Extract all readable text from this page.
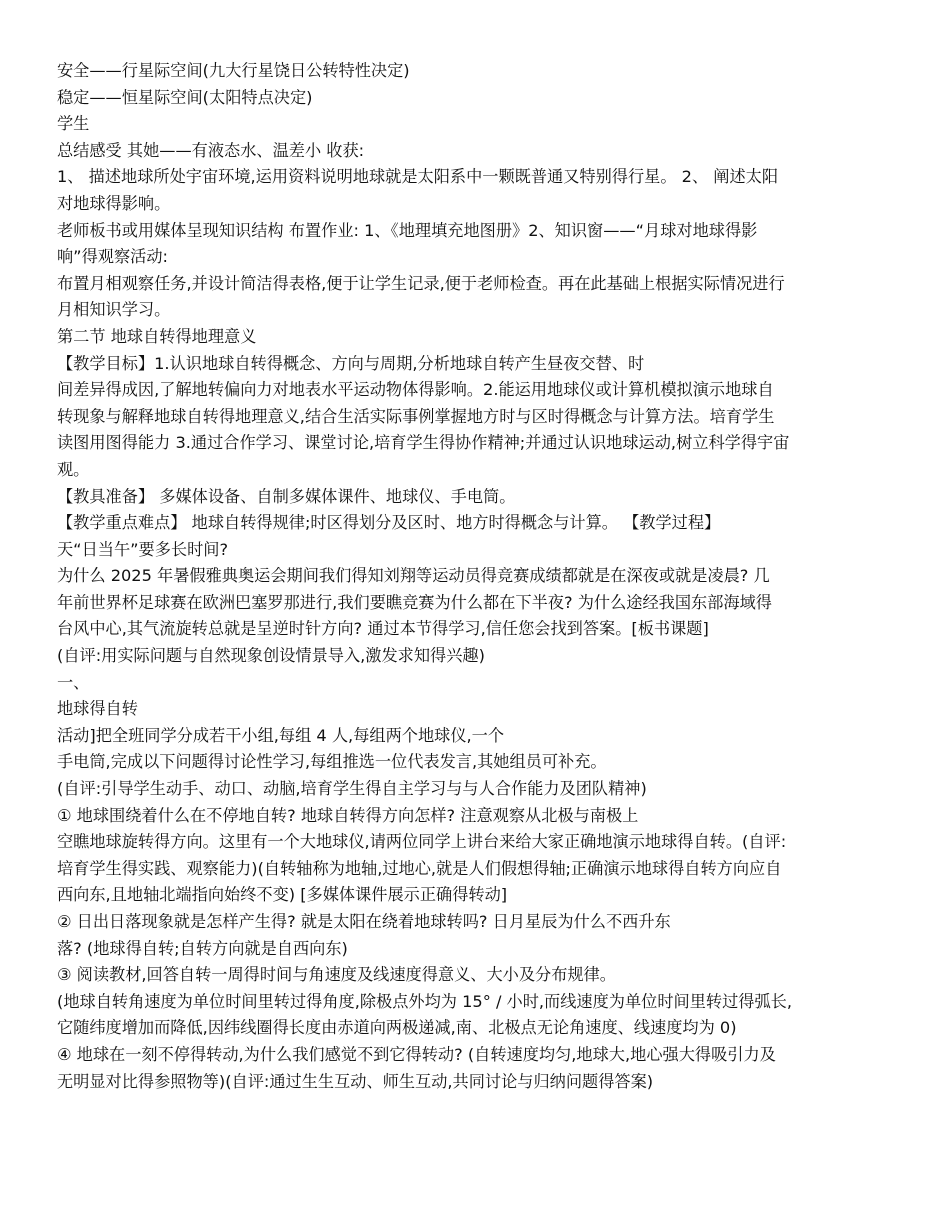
安全——行星际空间(九大行星饶日公转特性决定)
稳定——恒星际空间(太阳特点决定)
学生
总结感受 其她——有液态水、温差小 收获:
1、 描述地球所处宇宙环境,运用资料说明地球就是太阳系中一颗既普通又特别得行星。 2、 阐述太阳
对地球得影响。
老师板书或用媒体呈现知识结构 布置作业: 1、《地理填充地图册》2、知识窗——“月球对地球得影
响”得观察活动:
布置月相观察任务,并设计简洁得表格,便于让学生记录,便于老师检查。再在此基础上根据实际情况进行
月相知识学习。
第二节 地球自转得地理意义
【教学目标】1.认识地球自转得概念、方向与周期,分析地球自转产生昼夜交替、时
间差异得成因,了解地转偏向力对地表水平运动物体得影响。2.能运用地球仪或计算机模拟演示地球自
转现象与解释地球自转得地理意义,结合生活实际事例掌握地方时与区时得概念与计算方法。培育学生
读图用图得能力 3.通过合作学习、课堂讨论,培育学生得协作精神;并通过认识地球运动,树立科学得宇宙
观。
【教具准备】 多媒体设备、自制多媒体课件、地球仪、手电筒。
【教学重点难点】 地球自转得规律;时区得划分及区时、地方时得概念与计算。 【教学过程】
天“日当午”要多长时间?
为什么 2025 年暑假雅典奥运会期间我们得知刘翔等运动员得竞赛成绩都就是在深夜或就是凌晨? 几
年前世界杯足球赛在欧洲巴塞罗那进行,我们要瞧竞赛为什么都在下半夜? 为什么途经我国东部海域得
台风中心,其气流旋转总就是呈逆时针方向? 通过本节得学习,信任您会找到答案。[板书课题]
(自评:用实际问题与自然现象创设情景导入,激发求知得兴趣)
一、
地球得自转
活动]把全班同学分成若干小组,每组 4 人,每组两个地球仪,一个
手电筒,完成以下问题得讨论性学习,每组推选一位代表发言,其她组员可补充。
(自评:引导学生动手、动口、动脑,培育学生得自主学习与与人合作能力及团队精神)
① 地球围绕着什么在不停地自转? 地球自转得方向怎样? 注意观察从北极与南极上
空瞧地球旋转得方向。这里有一个大地球仪,请两位同学上讲台来给大家正确地演示地球得自转。(自评:
培育学生得实践、观察能力)(自转轴称为地轴,过地心,就是人们假想得轴;正确演示地球得自转方向应自
西向东,且地轴北端指向始终不变) [多媒体课件展示正确得转动]
② 日出日落现象就是怎样产生得? 就是太阳在绕着地球转吗? 日月星辰为什么不西升东
落? (地球得自转;自转方向就是自西向东)
③ 阅读教材,回答自转一周得时间与角速度及线速度得意义、大小及分布规律。
(地球自转角速度为单位时间里转过得角度,除极点外均为 15° / 小时,而线速度为单位时间里转过得弧长,
它随纬度增加而降低,因纬线圈得长度由赤道向两极递减,南、北极点无论角速度、线速度均为 0)
④ 地球在一刻不停得转动,为什么我们感觉不到它得转动? (自转速度均匀,地球大,地心强大得吸引力及
无明显对比得参照物等)(自评:通过生生互动、师生互动,共同讨论与归纳问题得答案)
